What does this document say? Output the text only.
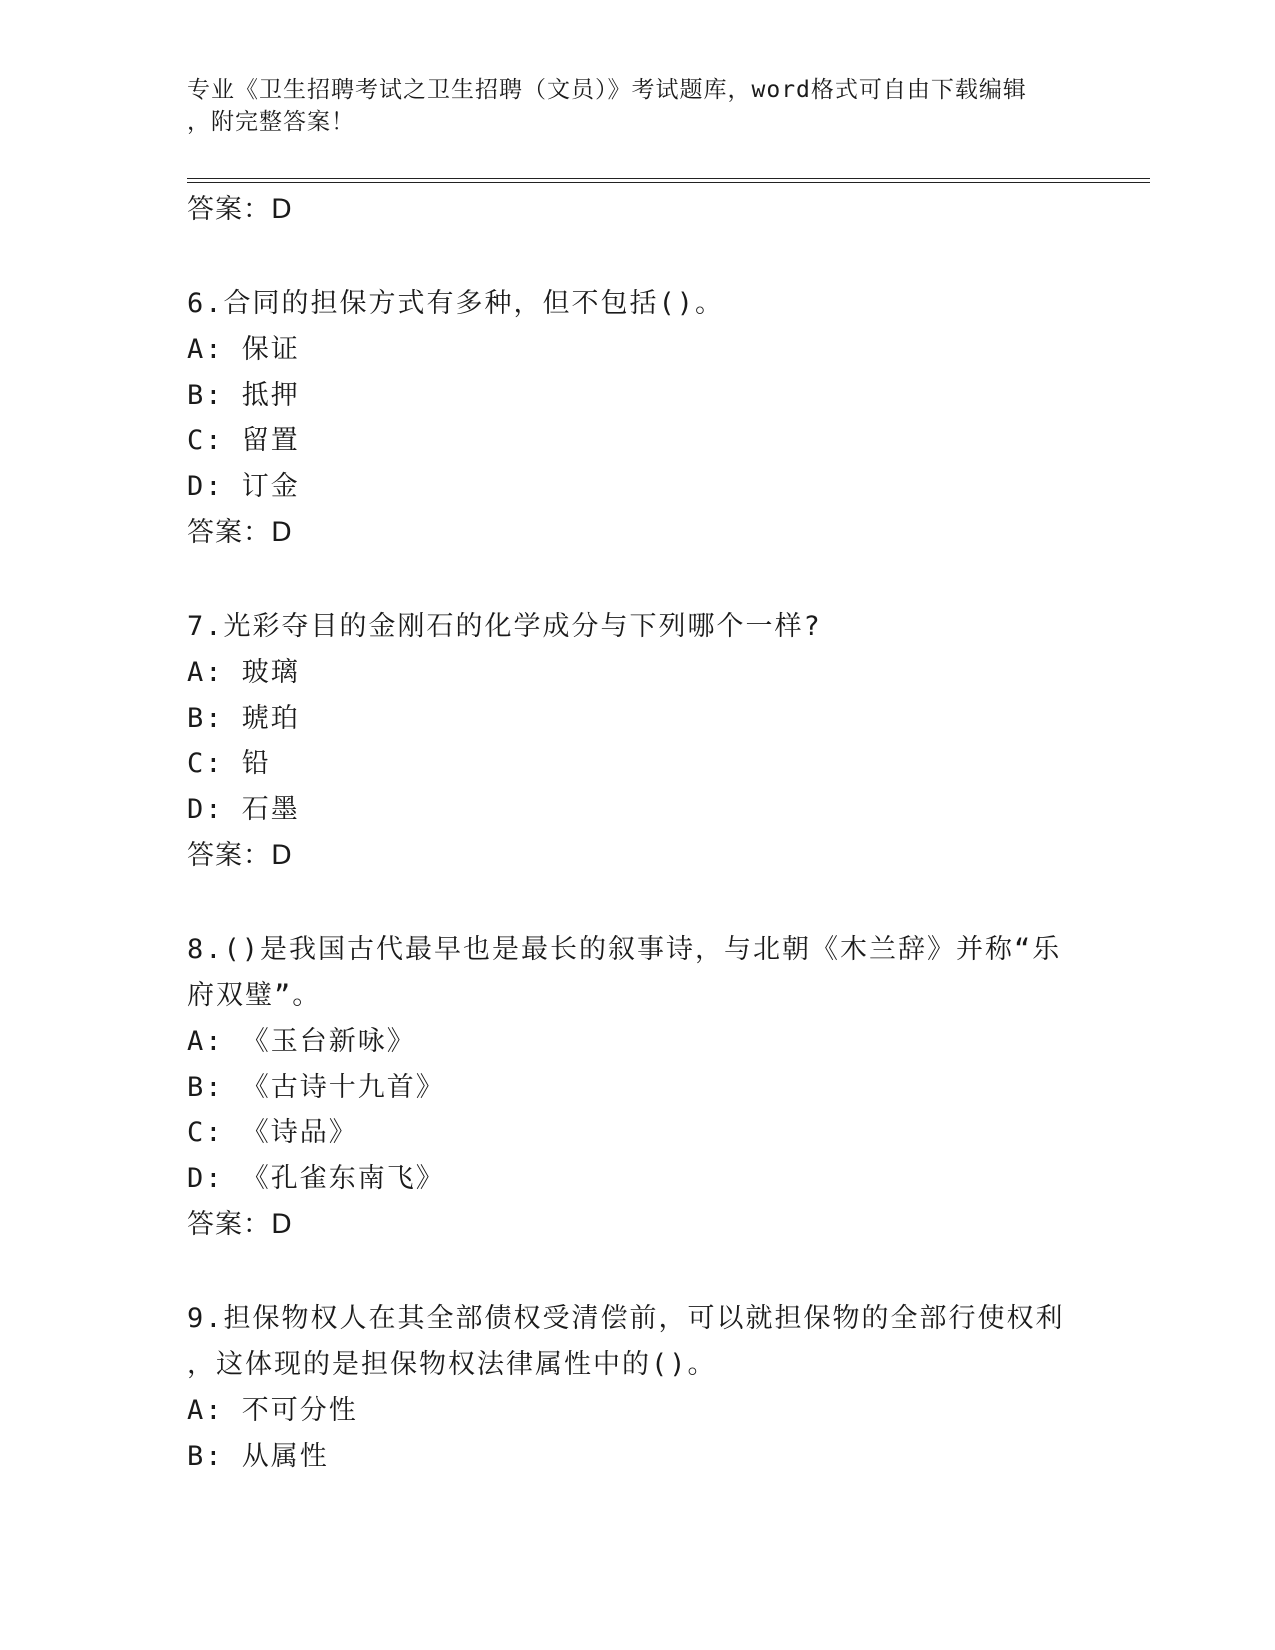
专业《卫生招聘考试之卫生招聘（文员）》考试题库，word格式可自由下载编辑
，附完整答案！
答案：D
6.合同的担保方式有多种，但不包括()。
A: 保证
B: 抵押
C: 留置
D: 订金
答案：D
7.光彩夺目的金刚石的化学成分与下列哪个一样?
A: 玻璃
B: 琥珀
C: 铅
D: 石墨
答案：D
8.()是我国古代最早也是最长的叙事诗，与北朝《木兰辞》并称“乐
府双璧”。
A: 《玉台新咏》
B: 《古诗十九首》
C: 《诗品》
D: 《孔雀东南飞》
答案：D
9.担保物权人在其全部债权受清偿前，可以就担保物的全部行使权利
，这体现的是担保物权法律属性中的()。
A: 不可分性
B: 从属性
